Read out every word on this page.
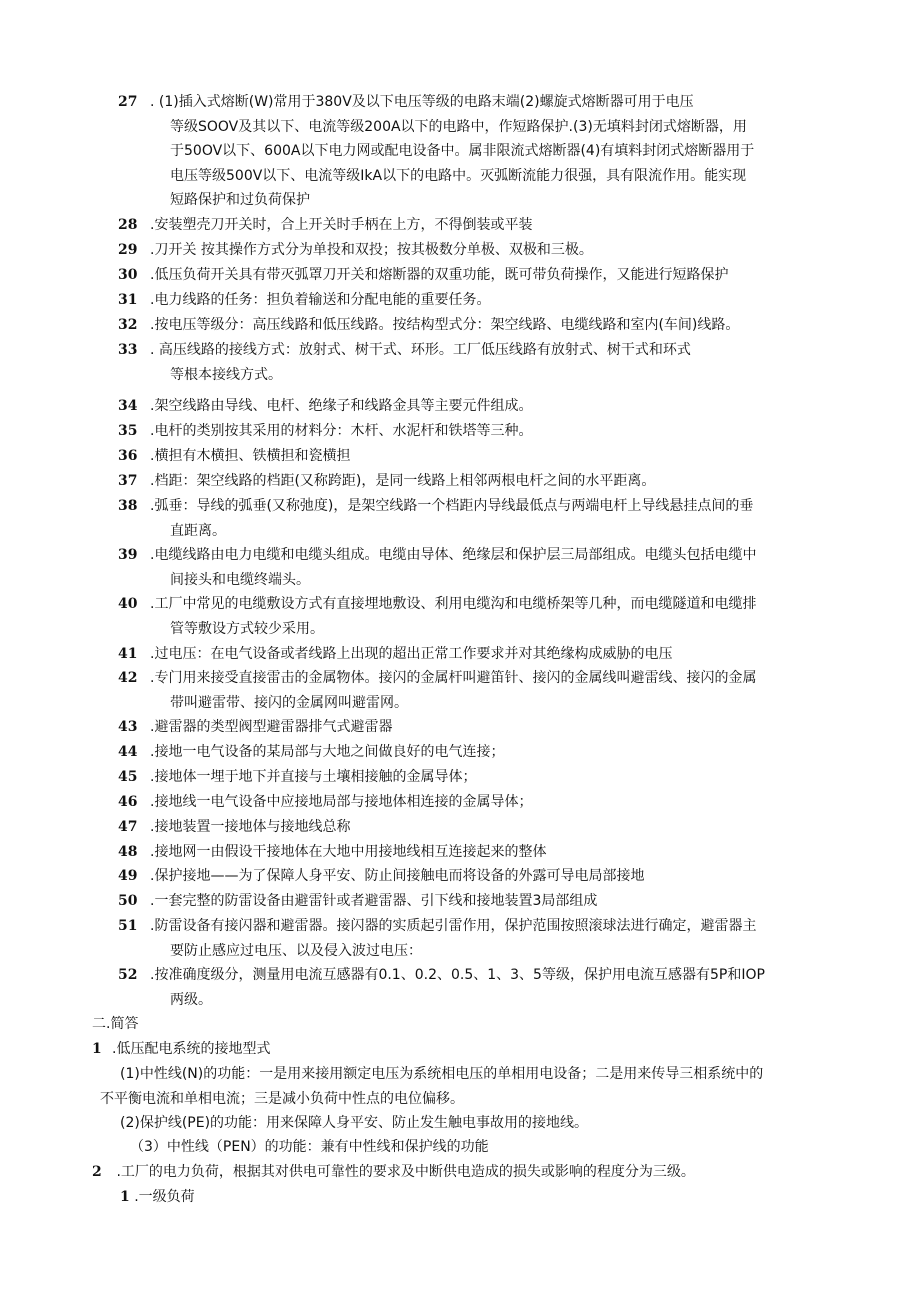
27 . (1)插入式熔断(W)常用于380V及以下电压等级的电路末端(2)螺旋式熔断器可用于电压
等级SOOV及其以下、电流等级200A以下的电路中，作短路保护.(3)无填料封闭式熔断器，用
于50OV以下、600A以下电力网或配电设备中。属非限流式熔断器(4)有填料封闭式熔断器用于
电压等级500V以下、电流等级IkA以下的电路中。灭弧断流能力很强，具有限流作用。能实现
短路保护和过负荷保护
28 .安装塑壳刀开关时，合上开关时手柄在上方，不得倒装或平装
29 .刀开关 按其操作方式分为单投和双投；按其极数分单极、双极和三极。
30 .低压负荷开关具有带灭弧罩刀开关和熔断器的双重功能，既可带负荷操作，又能进行短路保护
31 .电力线路的任务：担负着输送和分配电能的重要任务。
32 .按电压等级分：高压线路和低压线路。按结构型式分：架空线路、电缆线路和室内(车间)线路。
33 . 高压线路的接线方式：放射式、树干式、环形。工厂低压线路有放射式、树干式和环式
等根本接线方式。
34 .架空线路由导线、电杆、绝缘子和线路金具等主要元件组成。
35 .电杆的类别按其采用的材料分：木杆、水泥杆和铁塔等三种。
36 .横担有木横担、铁横担和瓷横担
37 .档距：架空线路的档距(又称跨距)，是同一线路上相邻两根电杆之间的水平距离。
38 .弧垂：导线的弧垂(又称弛度)，是架空线路一个档距内导线最低点与两端电杆上导线悬挂点间的垂
直距离。
39 .电缆线路由电力电缆和电缆头组成。电缆由导体、绝缘层和保护层三局部组成。电缆头包括电缆中
间接头和电缆终端头。
40 .工厂中常见的电缆敷设方式有直接埋地敷设、利用电缆沟和电缆桥架等几种，而电缆隧道和电缆排
管等敷设方式较少采用。
41 .过电压：在电气设备或者线路上出现的超出正常工作要求并对其绝缘构成威胁的电压
42 .专门用来接受直接雷击的金属物体。接闪的金属杆叫避笛针、接闪的金属线叫避雷线、接闪的金属
带叫避雷带、接闪的金属网叫避雷网。
43 .避雷器的类型阀型避雷器排气式避雷器
44 .接地一电气设备的某局部与大地之间做良好的电气连接；
45 .接地体一埋于地下并直接与土壤相接触的金属导体；
46 .接地线一电气设备中应接地局部与接地体相连接的金属导体；
47 .接地装置一接地体与接地线总称
48 .接地网一由假设干接地体在大地中用接地线相互连接起来的整体
49 .保护接地——为了保障人身平安、防止间接触电而将设备的外露可导电局部接地
50 .一套完整的防雷设备由避雷针或者避雷器、引下线和接地装置3局部组成
51 .防雷设备有接闪器和避雷器。接闪器的实质起引雷作用，保护范围按照滚球法进行确定，避雷器主
要防止感应过电压、以及侵入波过电压：
52 .按准确度级分，测量用电流互感器有0.1、0.2、0.5、1、3、5等级，保护用电流互感器有5P和IOP
两级。
二.简答
1 .低压配电系统的接地型式
(1)中性线(N)的功能：一是用来接用额定电压为系统相电压的单相用电设备；二是用来传导三相系统中的
不平衡电流和单相电流；三是减小负荷中性点的电位偏移。
(2)保护线(PE)的功能：用来保障人身平安、防止发生触电事故用的接地线。
（3）中性线（PEN）的功能：兼有中性线和保护线的功能
2 .工厂的电力负荷，根据其对供电可靠性的要求及中断供电造成的损失或影响的程度分为三级。
1 .一级负荷
